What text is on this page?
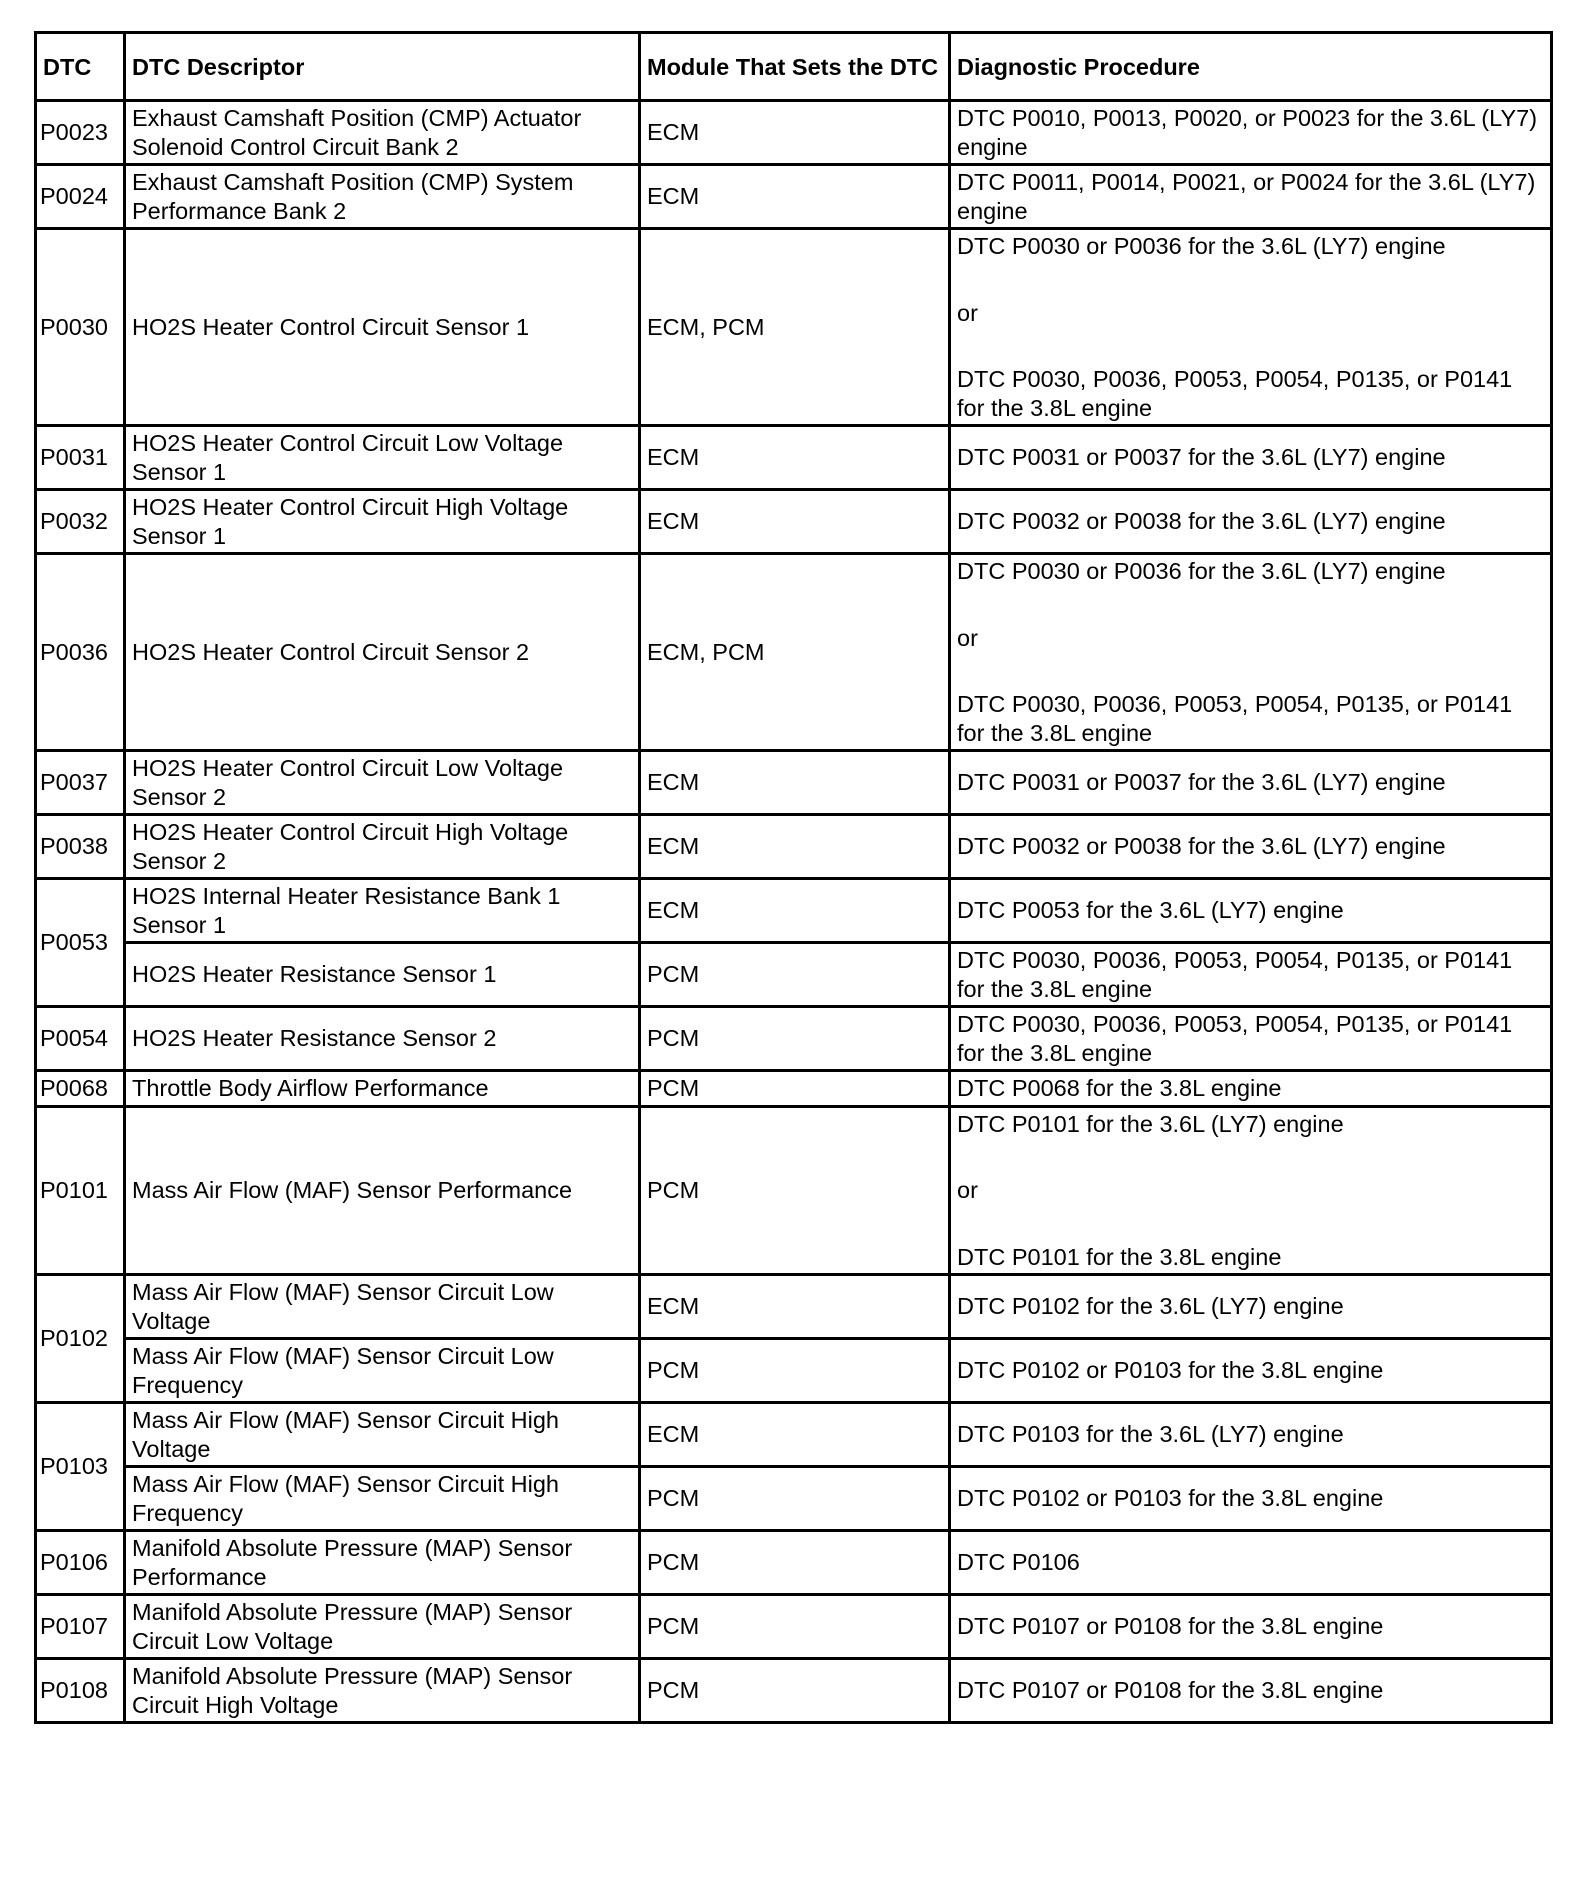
DTC	DTC Descriptor	Module That Sets the DTC	Diagnostic Procedure
P0023	Exhaust Camshaft Position (CMP) Actuator Solenoid Control Circuit Bank 2	ECM	DTC P0010, P0013, P0020, or P0023 for the 3.6L (LY7) engine

P0024	Exhaust Camshaft Position (CMP) System Performance Bank 2	ECM	DTC P0011, P0014, P0021, or P0024 for the 3.6L (LY7) engine

P0030	HO2S Heater Control Circuit Sensor 1	ECM, PCM	DTC P0030 or P0036 for the 3.6L (LY7) engine
or
DTC P0030, P0036, P0053, P0054, P0135, or P0141 for the 3.8L engine

P0031	HO2S Heater Control Circuit Low Voltage Sensor 1	ECM	DTC P0031 or P0037 for the 3.6L (LY7) engine

P0032	HO2S Heater Control Circuit High Voltage Sensor 1	ECM	DTC P0032 or P0038 for the 3.6L (LY7) engine

P0036	HO2S Heater Control Circuit Sensor 2	ECM, PCM	DTC P0030 or P0036 for the 3.6L (LY7) engine
or
DTC P0030, P0036, P0053, P0054, P0135, or P0141 for the 3.8L engine

P0037	HO2S Heater Control Circuit Low Voltage Sensor 2	ECM	DTC P0031 or P0037 for the 3.6L (LY7) engine

P0038	HO2S Heater Control Circuit High Voltage Sensor 2	ECM	DTC P0032 or P0038 for the 3.6L (LY7) engine

P0053	HO2S Internal Heater Resistance Bank 1 Sensor 1	ECM	DTC P0053 for the 3.6L (LY7) engine

	HO2S Heater Resistance Sensor 1	PCM	DTC P0030, P0036, P0053, P0054, P0135, or P0141 for the 3.8L engine

P0054	HO2S Heater Resistance Sensor 2	PCM	DTC P0030, P0036, P0053, P0054, P0135, or P0141 for the 3.8L engine

P0068	Throttle Body Airflow Performance	PCM	DTC P0068 for the 3.8L engine

P0101	Mass Air Flow (MAF) Sensor Performance	PCM	DTC P0101 for the 3.6L (LY7) engine
or
DTC P0101 for the 3.8L engine

P0102	Mass Air Flow (MAF) Sensor Circuit Low Voltage	ECM	DTC P0102 for the 3.6L (LY7) engine

	Mass Air Flow (MAF) Sensor Circuit Low Frequency	PCM	DTC P0102 or P0103 for the 3.8L engine

P0103	Mass Air Flow (MAF) Sensor Circuit High Voltage	ECM	DTC P0103 for the 3.6L (LY7) engine

	Mass Air Flow (MAF) Sensor Circuit High Frequency	PCM	DTC P0102 or P0103 for the 3.8L engine

P0106	Manifold Absolute Pressure (MAP) Sensor Performance	PCM	DTC P0106

P0107	Manifold Absolute Pressure (MAP) Sensor Circuit Low Voltage	PCM	DTC P0107 or P0108 for the 3.8L engine

P0108	Manifold Absolute Pressure (MAP) Sensor Circuit High Voltage	PCM	DTC P0107 or P0108 for the 3.8L engine
